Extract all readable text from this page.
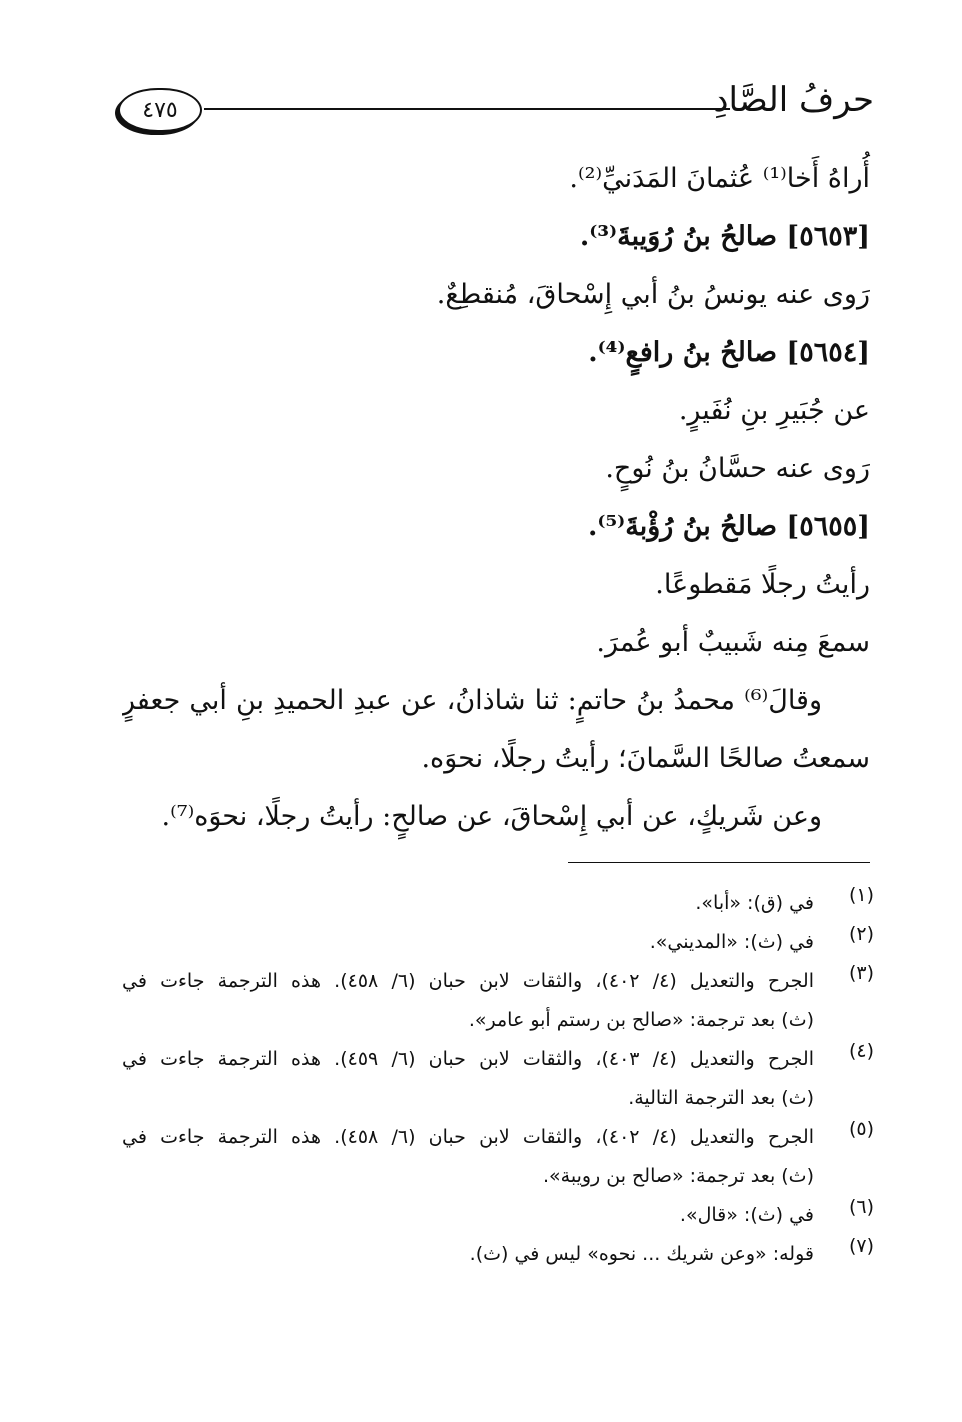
حرفُ الصَّادِ
٤٧٥
أُراهُ أَخا⁽¹⁾ عُثمانَ المَدَنيِّ⁽²⁾.
[٥٦٥٣] صالحُ بنُ رُوَيبةَ⁽³⁾.
رَوى عنه يونسُ بنُ أبي إِسْحاقَ، مُنقطِعٌ.
[٥٦٥٤] صالحُ بنُ رافعٍ⁽⁴⁾.
عن جُبَيرِ بنِ نُفَيرٍ.
رَوى عنه حسَّانُ بنُ نُوحٍ.
[٥٦٥٥] صالحُ بنُ رُؤْبةَ⁽⁵⁾.
رأيتُ رجلًا مَقطوعًا.
سمعَ مِنه شَبيبٌ أبو عُمرَ.
وقالَ⁽⁶⁾ محمدُ بنُ حاتمٍ: ثنا شاذانُ، عن عبدِ الحميدِ بنِ أبي جعفرٍ
سمعتُ صالحًا السَّمانَ؛ رأيتُ رجلًا، نحوَه.
وعن شَريكٍ، عن أبي إِسْحاقَ، عن صالحٍ: رأيتُ رجلًا، نحوَه⁽⁷⁾.
(١)
في (ق): «أبا».
(٢)
في (ث): «المديني».
(٣)
الجرح والتعديل (٤/ ٤٠٢)، والثقات لابن حبان (٦/ ٤٥٨). هذه الترجمة جاءت في
(ث) بعد ترجمة: «صالح بن رستم أبو عامر».
(٤)
الجرح والتعديل (٤/ ٤٠٣)، والثقات لابن حبان (٦/ ٤٥٩). هذه الترجمة جاءت في
(ث) بعد الترجمة التالية.
(٥)
الجرح والتعديل (٤/ ٤٠٢)، والثقات لابن حبان (٦/ ٤٥٨). هذه الترجمة جاءت في
(ث) بعد ترجمة: «صالح بن رويبة».
(٦)
في (ث): «قال».
(٧)
قوله: «وعن شريك ... نحوه» ليس في (ث).
